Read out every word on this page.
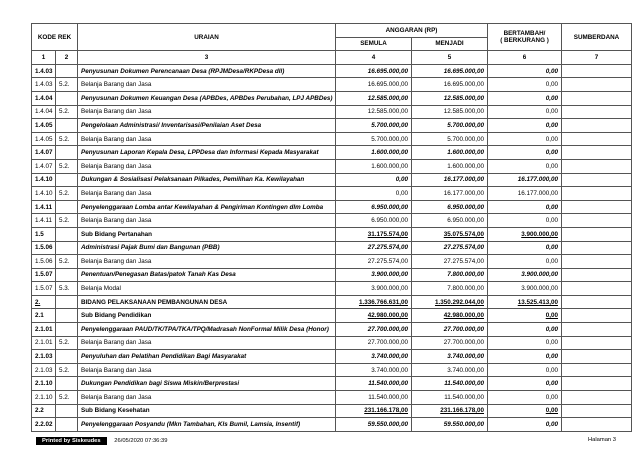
KODE REK		URAIAN	ANGGARAN (RP)		BERTAMBAH/
( BERKURANG )	SUMBERDANA
			SEMULA	MENJADI		
1	2	3	4	5	6	7
1.4.03		Penyusunan Dokumen Perencanaan Desa (RPJMDesa/RKPDesa dll)	16.695.000,00	16.695.000,00	0,00	
1.4.03	5.2.	Belanja Barang dan Jasa	16.695.000,00	16.695.000,00	0,00	
1.4.04		Penyusunan Dokumen Keuangan Desa (APBDes, APBDes Perubahan, LPJ APBDes)	12.585.000,00	12.585.000,00	0,00	
1.4.04	5.2.	Belanja Barang dan Jasa	12.585.000,00	12.585.000,00	0,00	
1.4.05		Pengelolaan Administrasi/ Inventarisasi/Penilaian Aset Desa	5.700.000,00	5.700.000,00	0,00	
1.4.05	5.2.	Belanja Barang dan Jasa	5.700.000,00	5.700.000,00	0,00	
1.4.07		Penyusunan Laporan Kepala Desa, LPPDesa dan Informasi Kepada Masyarakat	1.600.000,00	1.600.000,00	0,00	
1.4.07	5.2.	Belanja Barang dan Jasa	1.600.000,00	1.600.000,00	0,00	
1.4.10		Dukungan & Sosialisasi Pelaksanaan Pilkades, Pemilihan Ka. Kewilayahan	0,00	16.177.000,00	16.177.000,00	
1.4.10	5.2.	Belanja Barang dan Jasa	0,00	16.177.000,00	16.177.000,00	
1.4.11		Penyelenggaraan Lomba antar Kewilayahan & Pengiriman Kontingen dlm Lomba	6.950.000,00	6.950.000,00	0,00	
1.4.11	5.2.	Belanja Barang dan Jasa	6.950.000,00	6.950.000,00	0,00	
1.5		Sub Bidang Pertanahan	31.175.574,00	35.075.574,00	3.900.000,00	
1.5.06		Administrasi Pajak Bumi dan Bangunan (PBB)	27.275.574,00	27.275.574,00	0,00	
1.5.06	5.2.	Belanja Barang dan Jasa	27.275.574,00	27.275.574,00	0,00	
1.5.07		Penentuan/Penegasan Batas/patok Tanah Kas Desa	3.900.000,00	7.800.000,00	3.900.000,00	
1.5.07	5.3.	Belanja Modal	3.900.000,00	7.800.000,00	3.900.000,00	
2.		BIDANG PELAKSANAAN PEMBANGUNAN DESA	1.336.766.631,00	1.350.292.044,00	13.525.413,00	
2.1		Sub Bidang Pendidikan	42.980.000,00	42.980.000,00	0,00	
2.1.01		Penyelenggaraan PAUD/TK/TPA/TKA/TPQ/Madrasah NonFormal Milik Desa (Honor)	27.700.000,00	27.700.000,00	0,00	
2.1.01	5.2.	Belanja Barang dan Jasa	27.700.000,00	27.700.000,00	0,00	
2.1.03		Penyuluhan dan Pelatihan Pendidikan Bagi Masyarakat	3.740.000,00	3.740.000,00	0,00	
2.1.03	5.2.	Belanja Barang dan Jasa	3.740.000,00	3.740.000,00	0,00	
2.1.10		Dukungan Pendidikan bagi Siswa Miskin/Berprestasi	11.540.000,00	11.540.000,00	0,00	
2.1.10	5.2.	Belanja Barang dan Jasa	11.540.000,00	11.540.000,00	0,00	
2.2		Sub Bidang Kesehatan	231.166.178,00	231.166.178,00	0,00	
2.2.02		Penyelenggaraan Posyandu (Mkn Tambahan, Kls Bumil, Lamsia, Insentif)	59.550.000,00	59.550.000,00	0,00	
Printed by Siskeudes 26/05/2020 07:36:39	Halaman 3
